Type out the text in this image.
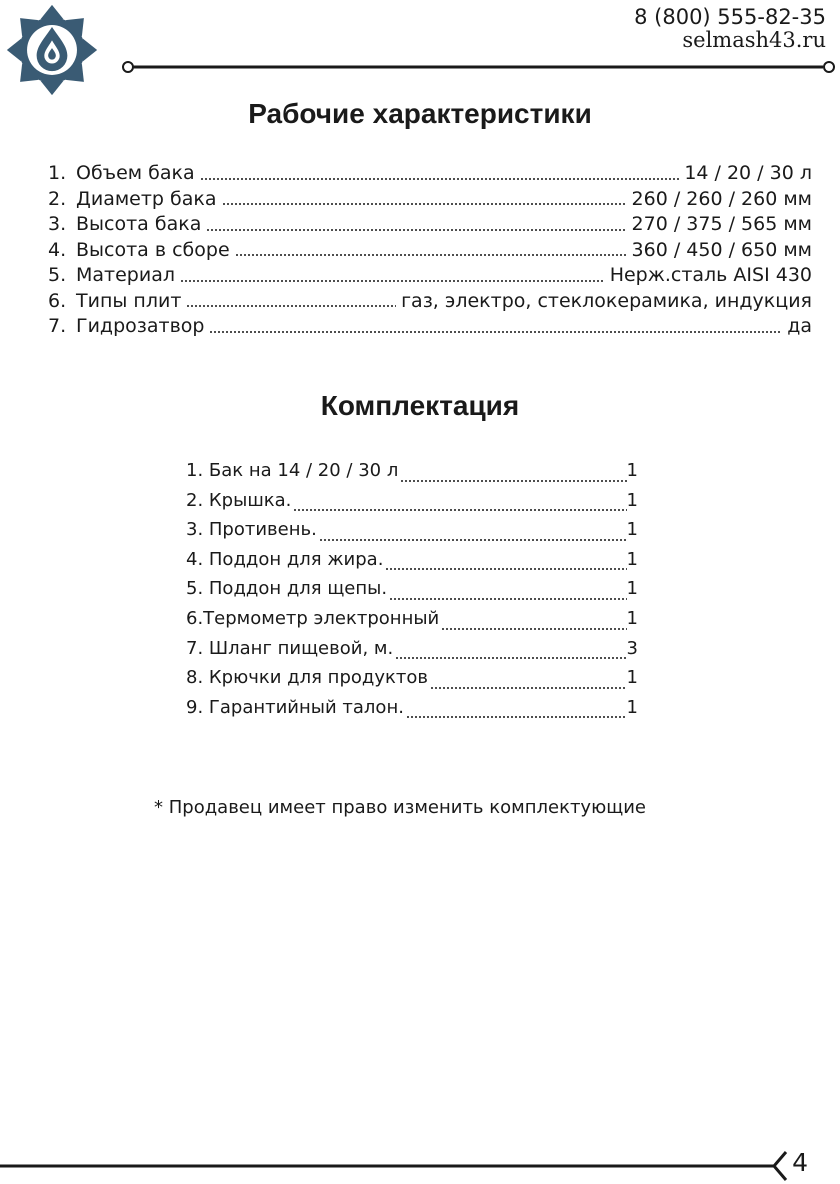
8 (800) 555-82-35
selmash43.ru
Рабочие характеристики
1. Объем бака	14 / 20 / 30 л
2. Диаметр бака	260 / 260 / 260 мм
3. Высота бака	270 / 375 / 565 мм
4. Высота в сборе	360 / 450 / 650 мм
5. Материал	Нерж.сталь AISI 430
6. Типы плит	газ, электро, стеклокерамика, индукция
7. Гидрозатвор	да
Комплектация
1. Бак на 14 / 20 / 30 л	1
2. Крышка.	1
3. Противень.	1
4. Поддон для жира.	1
5. Поддон для щепы.	1
6.Термометр электронный	1
7. Шланг пищевой, м.	3
8. Крючки для продуктов	1
9. Гарантийный талон.	1
* Продавец имеет право изменить комплектующие
4
